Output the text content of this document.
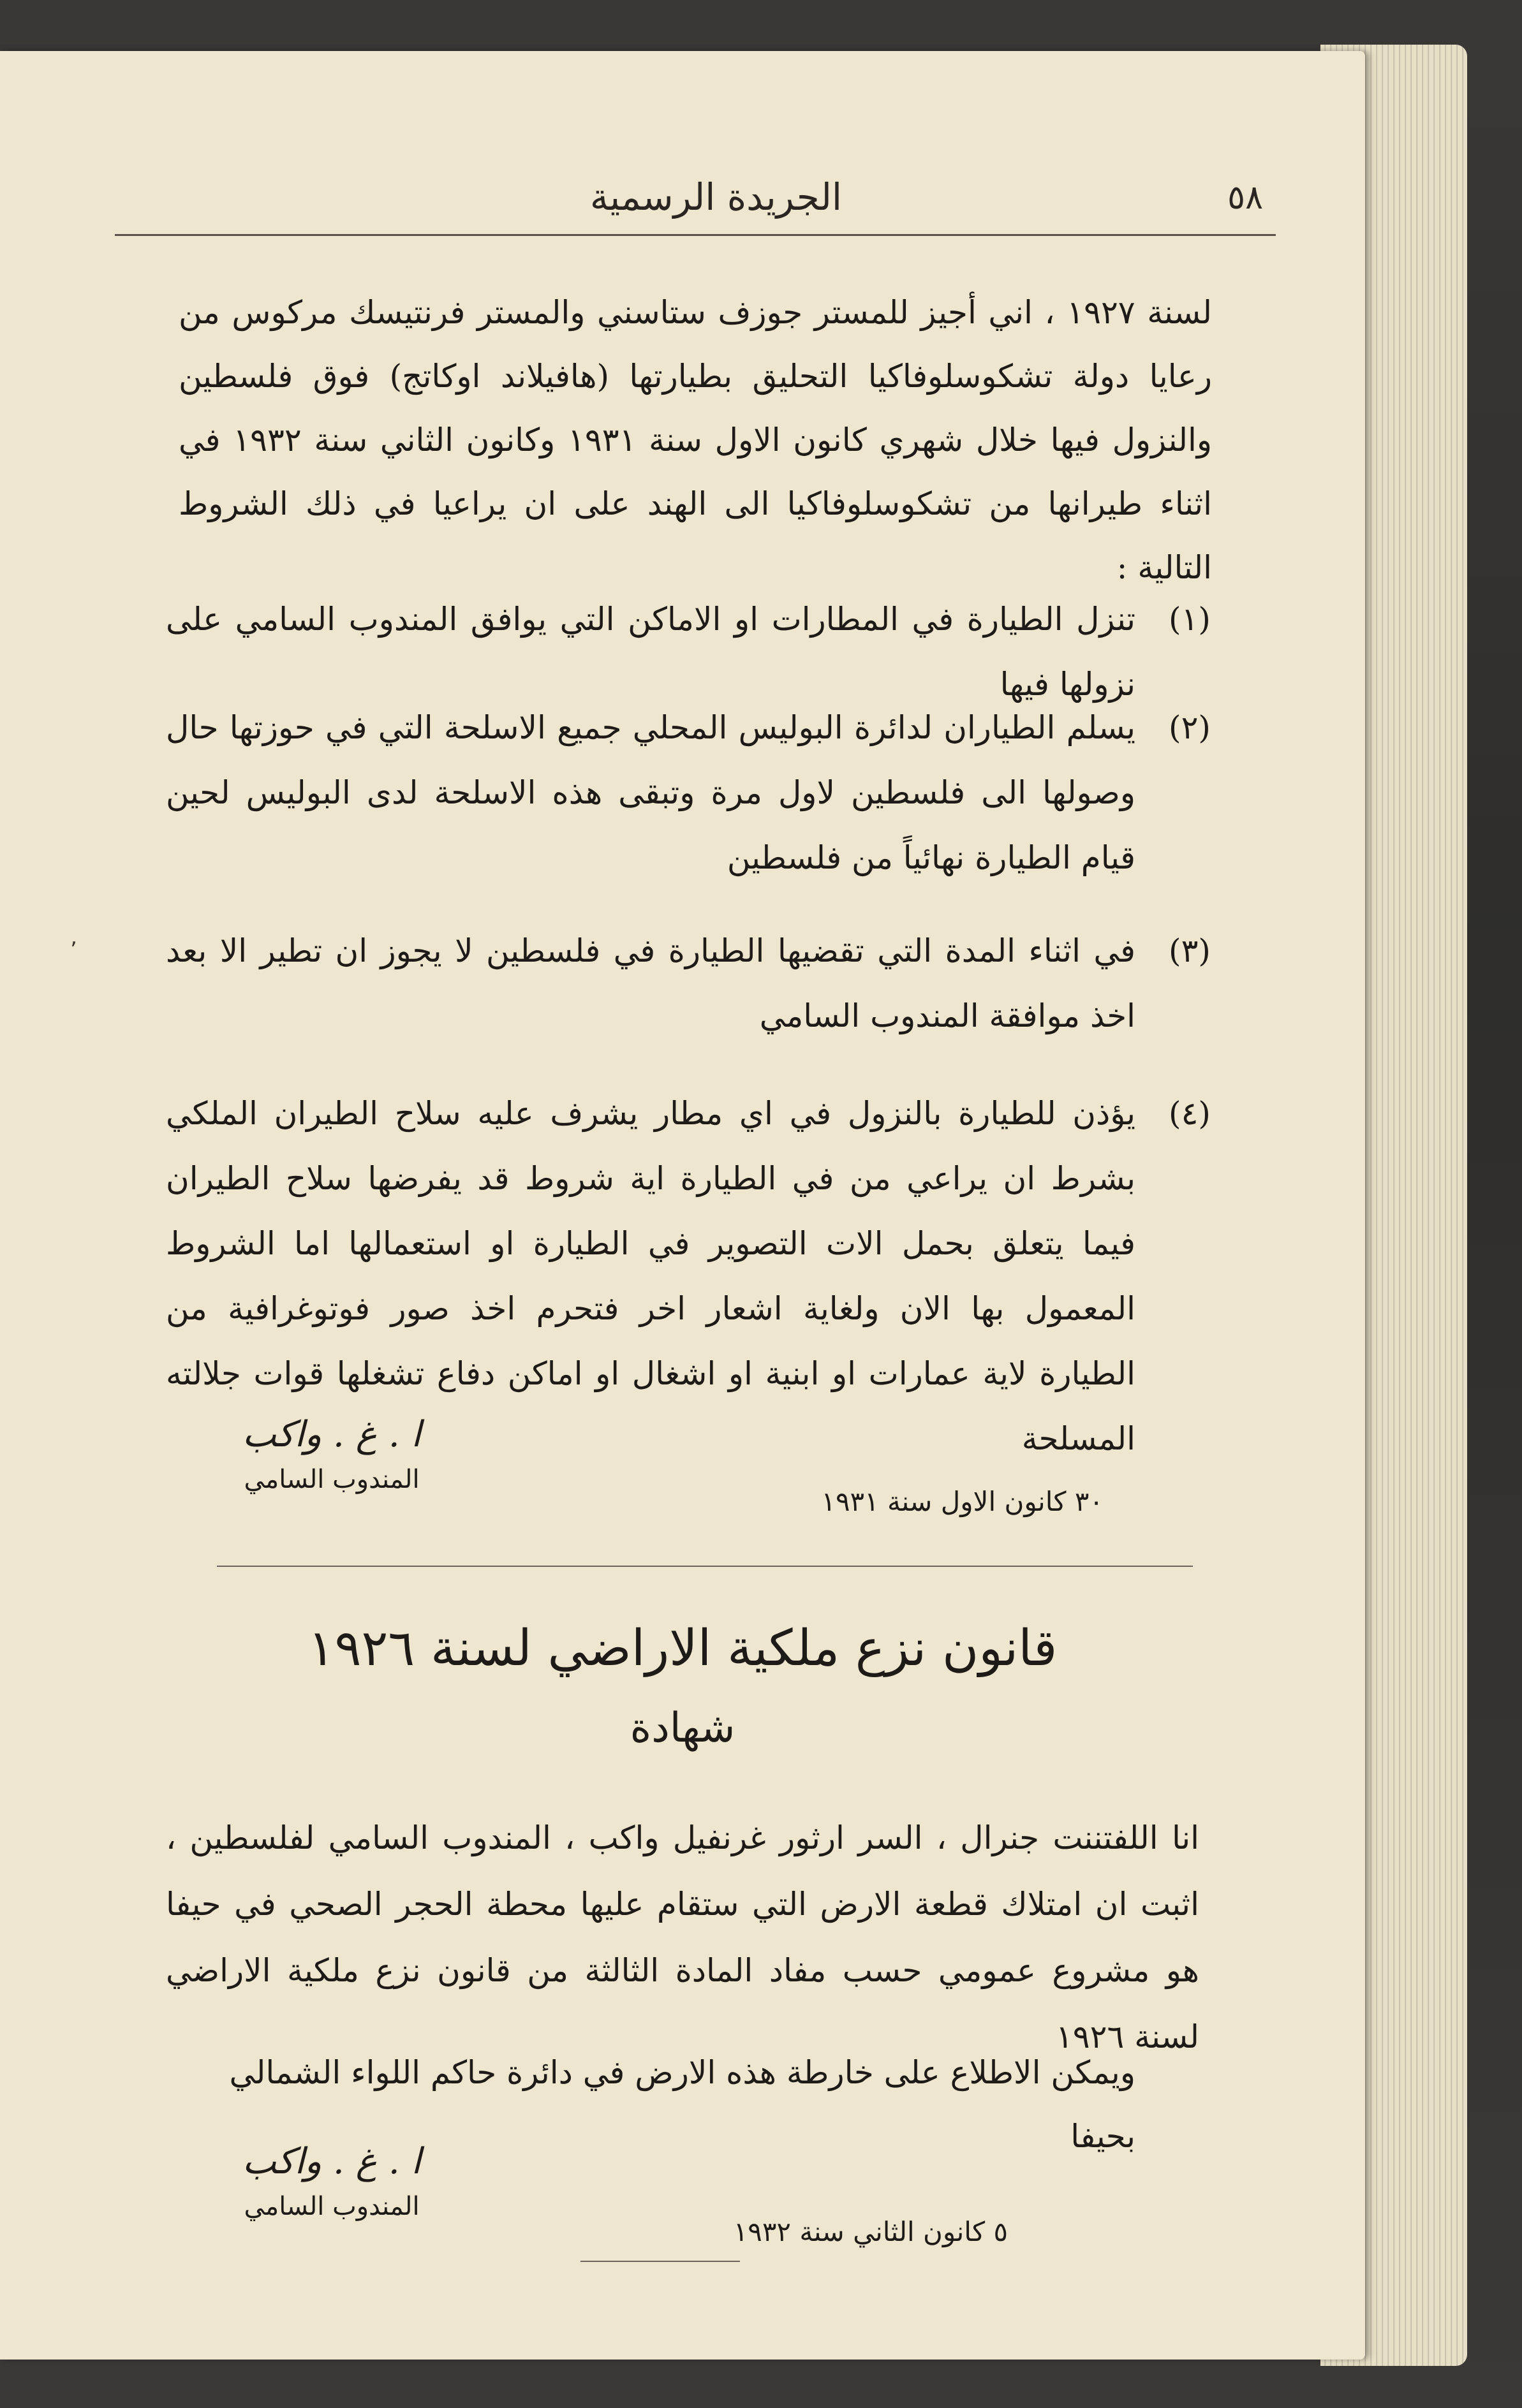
٥٨
الجريدة الرسمية
لسنة ١٩٢٧ ، اني أجيز للمستر جوزف ستاسني والمستر فرنتيسك مركوس من رعايا دولة تشكوسلوفاكيا التحليق بطيارتها (هافيلاند اوكاتج) فوق فلسطين والنزول فيها خلال شهري كانون الاول سنة ١٩٣١ وكانون الثاني سنة ١٩٣٢ في اثناء طيرانها من تشكوسلوفاكيا الى الهند على ان يراعيا في ذلك الشروط التالية :
(١)
تنزل الطيارة في المطارات او الاماكن التي يوافق المندوب السامي على نزولها فيها
(٢)
يسلم الطياران لدائرة البوليس المحلي جميع الاسلحة التي في حوزتها حال وصولها الى فلسطين لاول مرة وتبقى هذه الاسلحة لدى البوليس لحين قيام الطيارة نهائياً من فلسطين
(٣)
في اثناء المدة التي تقضيها الطيارة في فلسطين لا يجوز ان تطير الا بعد اخذ موافقة المندوب السامي
(٤)
يؤذن للطيارة بالنزول في اي مطار يشرف عليه سلاح الطيران الملكي بشرط ان يراعي من في الطيارة اية شروط قد يفرضها سلاح الطيران فيما يتعلق بحمل الات التصوير في الطيارة او استعمالها اما الشروط المعمول بها الان ولغاية اشعار اخر فتحرم اخذ صور فوتوغرافية من الطيارة لاية عمارات او ابنية او اشغال او اماكن دفاع تشغلها قوات جلالته المسلحة
٬
ا . غ . واكب
المندوب السامي
٣٠ كانون الاول سنة ١٩٣١
قانون نزع ملكية الاراضي لسنة ١٩٢٦
شهادة
انا اللفتننت جنرال ، السر ارثور غرنفيل واكب ، المندوب السامي لفلسطين ، اثبت ان امتلاك قطعة الارض التي ستقام عليها محطة الحجر الصحي في حيفا هو مشروع عمومي حسب مفاد المادة الثالثة من قانون نزع ملكية الاراضي لسنة ١٩٢٦
ويمكن الاطلاع على خارطة هذه الارض في دائرة حاكم اللواء الشمالي بحيفا
ا . غ . واكب
المندوب السامي
٥ كانون الثاني سنة ١٩٣٢
